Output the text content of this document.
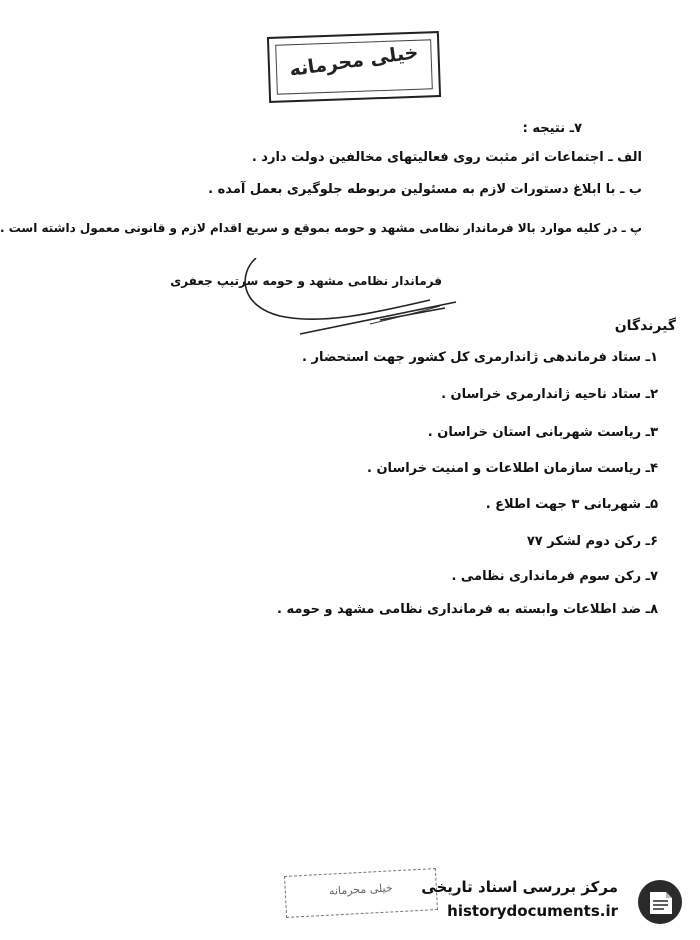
خیلی محرمانه
۷ـ نتیجه :
الف ـ اجتماعات اثر مثبت روی فعالیتهای مخالفین دولت دارد .
ب ـ با ابلاغ دستورات لازم به مسئولین مربوطه جلوگیری بعمل آمده .
پ ـ در کلیه موارد بالا فرماندار نظامی مشهد و حومه بموقع و سریع اقدام لازم و قانونی معمول داشته است .
فرماندار نظامی مشهد و حومه سرتیپ جعفری
گیرندگان
۱ـ ستاد فرماندهی ژاندارمری کل کشور جهت استحضار .
۲ـ ستاد ناحیه ژاندارمری خراسان .
۳ـ ریاست شهربانی استان خراسان .
۴ـ ریاست سازمان اطلاعات و امنیت خراسان .
۵ـ شهربانی ۳ جهت اطلاع .
۶ـ رکن دوم لشکر ۷۷
۷ـ رکن سوم فرمانداری نظامی .
۸ـ ضد اطلاعات وابسته به فرمانداری نظامی مشهد و حومه .
خیلی محرمانه	مرکز بررسی اسناد تاریخی
historydocuments.ir
